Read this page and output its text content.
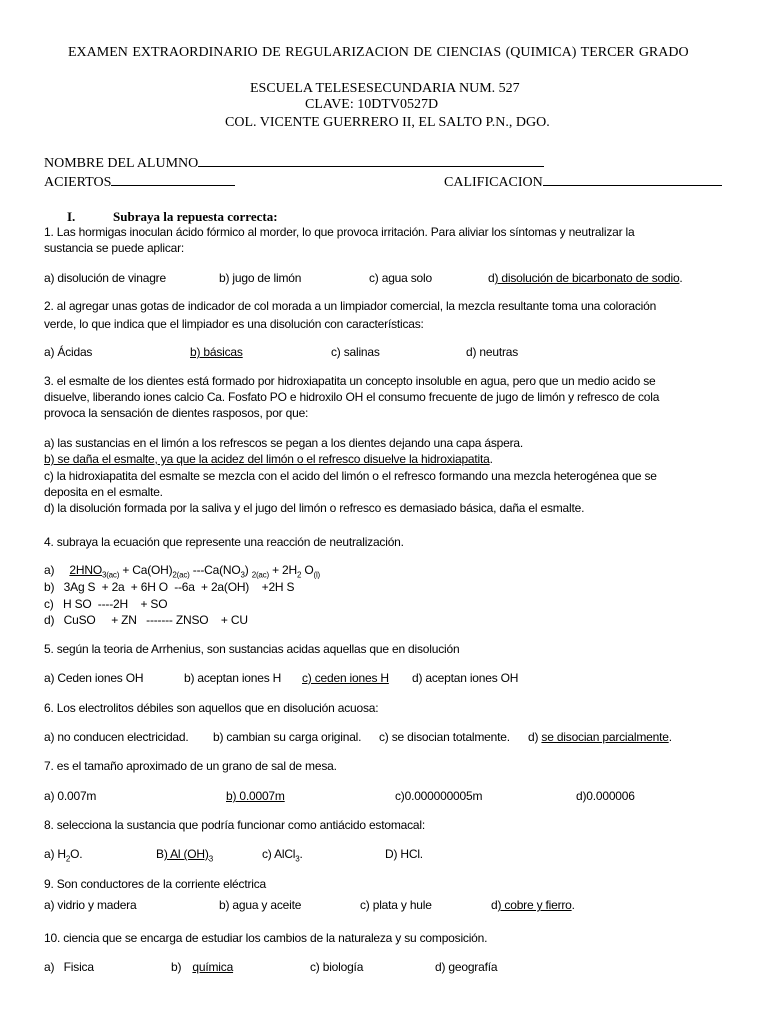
EXAMEN EXTRAORDINARIO DE REGULARIZACION DE CIENCIAS (QUIMICA) TERCER GRADO
ESCUELA TELESESECUNDARIA NUM. 527
CLAVE: 10DTV0527D
COL. VICENTE GUERRERO II, EL SALTO P.N., DGO.
NOMBRE DEL ALUMNO
ACIERTOS	CALIFICACION
I.	Subraya la repuesta correcta:
1. Las hormigas inoculan ácido fórmico al morder, lo que provoca irritación. Para aliviar los síntomas y neutralizar la
sustancia se puede aplicar:
a) disolución de vinagre	b) jugo de limón	c) agua solo	d) disolución de bicarbonato de sodio.
2. al agregar unas gotas de indicador de col morada a un limpiador comercial, la mezcla resultante toma una coloración
verde, lo que indica que el limpiador es una disolución con características:
a) Ácidas	b) básicas	c) salinas	d) neutras
3. el esmalte de los dientes está formado por hidroxiapatita un concepto insoluble en agua, pero que un medio acido se
disuelve, liberando iones calcio Ca. Fosfato PO e hidroxilo OH el consumo frecuente de jugo de limón y refresco de cola
provoca la sensación de dientes rasposos, por que:
a) las sustancias en el limón a los refrescos se pegan a los dientes dejando una capa áspera.
b) se daña el esmalte, ya que la acidez del limón o el refresco disuelve la hidroxiapatita.
c) la hidroxiapatita del esmalte se mezcla con el acido del limón o el refresco formando una mezcla heterogénea que se
deposita en el esmalte.
d) la disolución formada por la saliva y el jugo del limón o refresco es demasiado básica, daña el esmalte.
4. subraya la ecuación que represente una reacción de neutralización.
a) $2HNO_{3(ac)} + Ca(OH)_{2(ac)}$ $---Ca(NO_3) _{2(ac)} + 2H_2$ $O_{(l)}$
b)   3Ag S  + 2a  + 6H O  --6a  + 2a(OH)    +2H S
c)   H SO  ----2H    + SO
d)   CuSO     + ZN   ------- ZNSO    + CU
5. según la teoria de Arrhenius, son sustancias acidas aquellas que en disolución
a) Ceden iones OH	b) aceptan iones H c) ceden iones H d) aceptan iones OH
6. Los electrolitos débiles son aquellos que en disolución acuosa:
a) no conducen electricidad. b) cambian su carga original. c) se disocian totalmente. d) se disocian parcialmente.
7. es el tamaño aproximado de un grano de sal de mesa.
a) 0.007m	b) 0.0007m	c)0.000000005m	d)0.000006
8. selecciona la sustancia que podría funcionar como antiácido estomacal:
a) $H_2O$.	B) Al $(OH)_3$	c) AlCl$_3$.	D) HCl.
9. Son conductores de la corriente eléctrica
a) vidrio y madera	b) agua y aceite	c) plata y hule	d) cobre y fierro.
10. ciencia que se encarga de estudiar los cambios de la naturaleza y su composición.
a)   Fisica	b) química	c) biología	d) geografía
